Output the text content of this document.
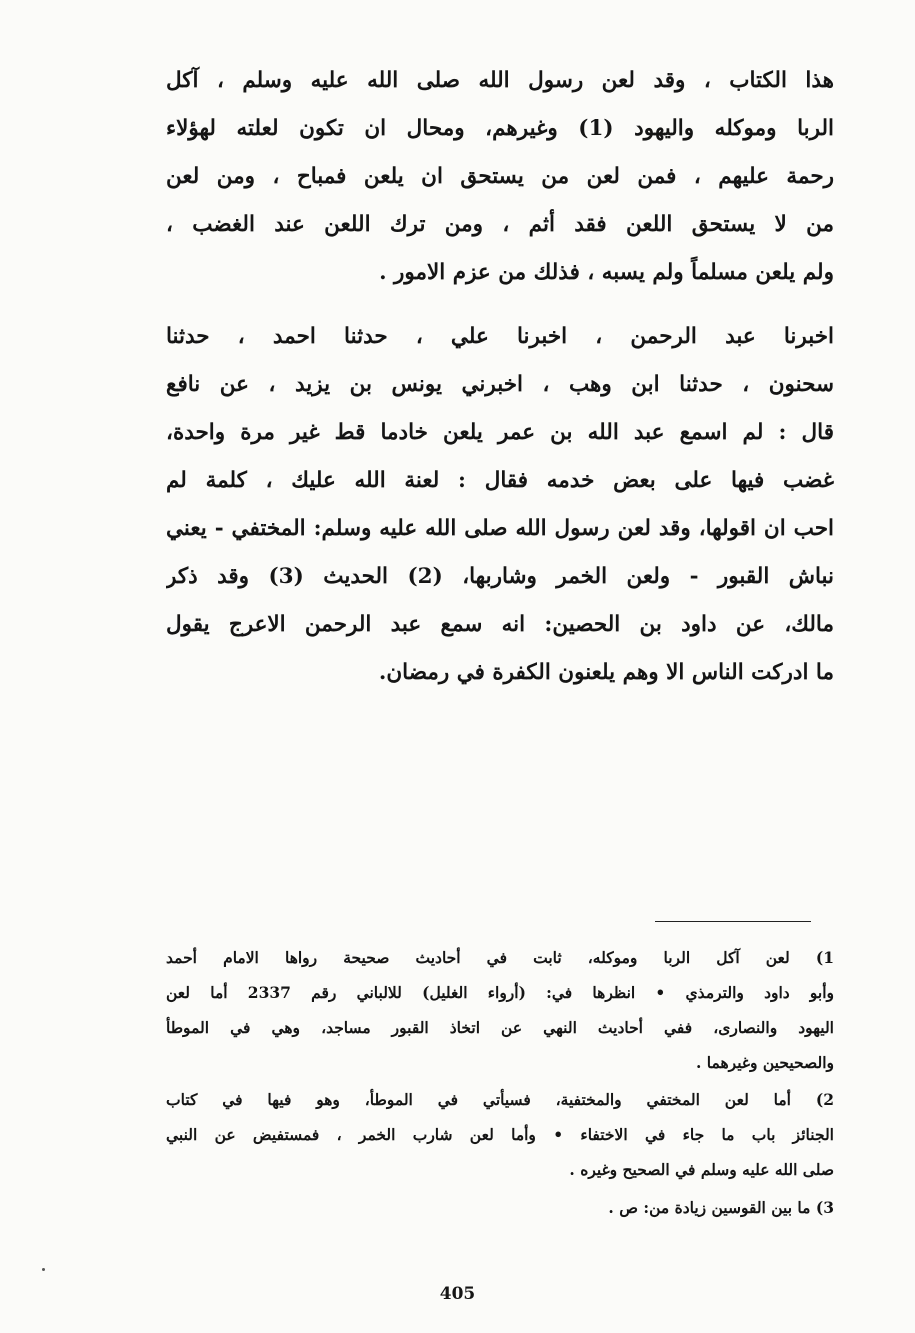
هذا الكتاب ، وقد لعن رسول الله صلى الله عليه وسلم ، آكل
الربا وموكله واليهود (1) وغيرهم، ومحال ان تكون لعلته لهؤلاء
رحمة عليهم ، فمن لعن من يستحق ان يلعن فمباح ، ومن لعن
من لا يستحق اللعن فقد أثم ، ومن ترك اللعن عند الغضب ،
ولم يلعن مسلماً ولم يسبه ، فذلك من عزم الامور .
اخبرنا عبد الرحمن ، اخبرنا علي ، حدثنا احمد ، حدثنا
سحنون ، حدثنا ابن وهب ، اخبرني يونس بن يزيد ، عن نافع
قال : لم اسمع عبد الله بن عمر يلعن خادما قط غير مرة واحدة،
غضب فيها على بعض خدمه فقال : لعنة الله عليك ، كلمة لم
احب ان اقولها، وقد لعن رسول الله صلى الله عليه وسلم: المختفي - يعني
نباش القبور - ولعن الخمر وشاربها، (2) الحديث (3) وقد ذكر
مالك، عن داود بن الحصين: انه سمع عبد الرحمن الاعرج يقول
ما ادركت الناس الا وهم يلعنون الكفرة في رمضان.
1) لعن آكل الربا وموكله، ثابت في أحاديث صحيحة رواها الامام أحمد
وأبو داود والترمذي • انظرها في: (أرواء الغليل) للالباني رقم 2337 أما لعن
اليهود والنصارى، ففي أحاديث النهي عن اتخاذ القبور مساجد، وهي في الموطأ
والصحيحين وغيرهما .
2) أما لعن المختفي والمختفية، فسيأتي في الموطأ، وهو فيها في كتاب
الجنائز باب ما جاء في الاختفاء • وأما لعن شارب الخمر ، فمستفيض عن النبي
صلى الله عليه وسلم في الصحيح وغيره .
3) ما بين القوسين زيادة من: ص .
405
